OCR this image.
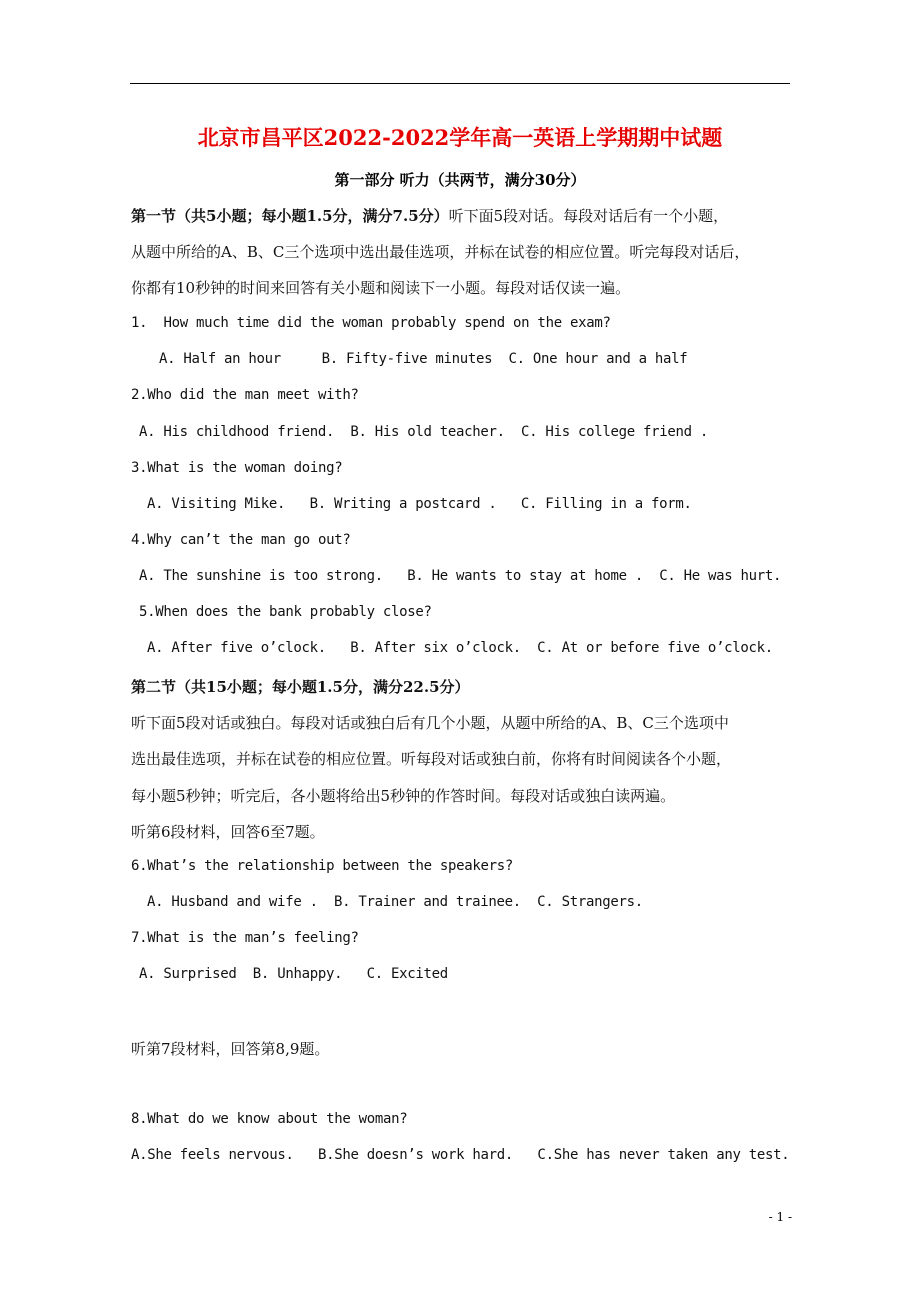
北京市昌平区2022-2022学年高一英语上学期期中试题
第一部分 听力（共两节，满分30分）
第一节（共5小题；每小题1.5分，满分7.5分）听下面5段对话。每段对话后有一个小题，
从题中所给的A、B、C三个选项中选出最佳选项，并标在试卷的相应位置。听完每段对话后，
你都有10秒钟的时间来回答有关小题和阅读下一小题。每段对话仅读一遍。
1.  How much time did the woman probably spend on the exam?
A. Half an hour     B. Fifty-five minutes  C. One hour and a half
2.Who did the man meet with?
A. His childhood friend.  B. His old teacher.  C. His college friend .
3.What is the woman doing?
A. Visiting Mike.   B. Writing a postcard .   C. Filling in a form.
4.Why can’t the man go out?
A. The sunshine is too strong.   B. He wants to stay at home .  C. He was hurt.
5.When does the bank probably close?
A. After five o’clock.   B. After six o’clock.  C. At or before five o’clock.
第二节（共15小题；每小题1.5分，满分22.5分）
听下面5段对话或独白。每段对话或独白后有几个小题，从题中所给的A、B、C三个选项中
选出最佳选项，并标在试卷的相应位置。听每段对话或独白前，你将有时间阅读各个小题，
每小题5秒钟；听完后，各小题将给出5秒钟的作答时间。每段对话或独白读两遍。
听第6段材料，回答6至7题。
6.What’s the relationship between the speakers?
A. Husband and wife .  B. Trainer and trainee.  C. Strangers.
7.What is the man’s feeling?
A. Surprised  B. Unhappy.   C. Excited
听第7段材料，回答第8,9题。
8.What do we know about the woman?
A.She feels nervous.   B.She doesn’s work hard.   C.She has never taken any test.
- 1 -
